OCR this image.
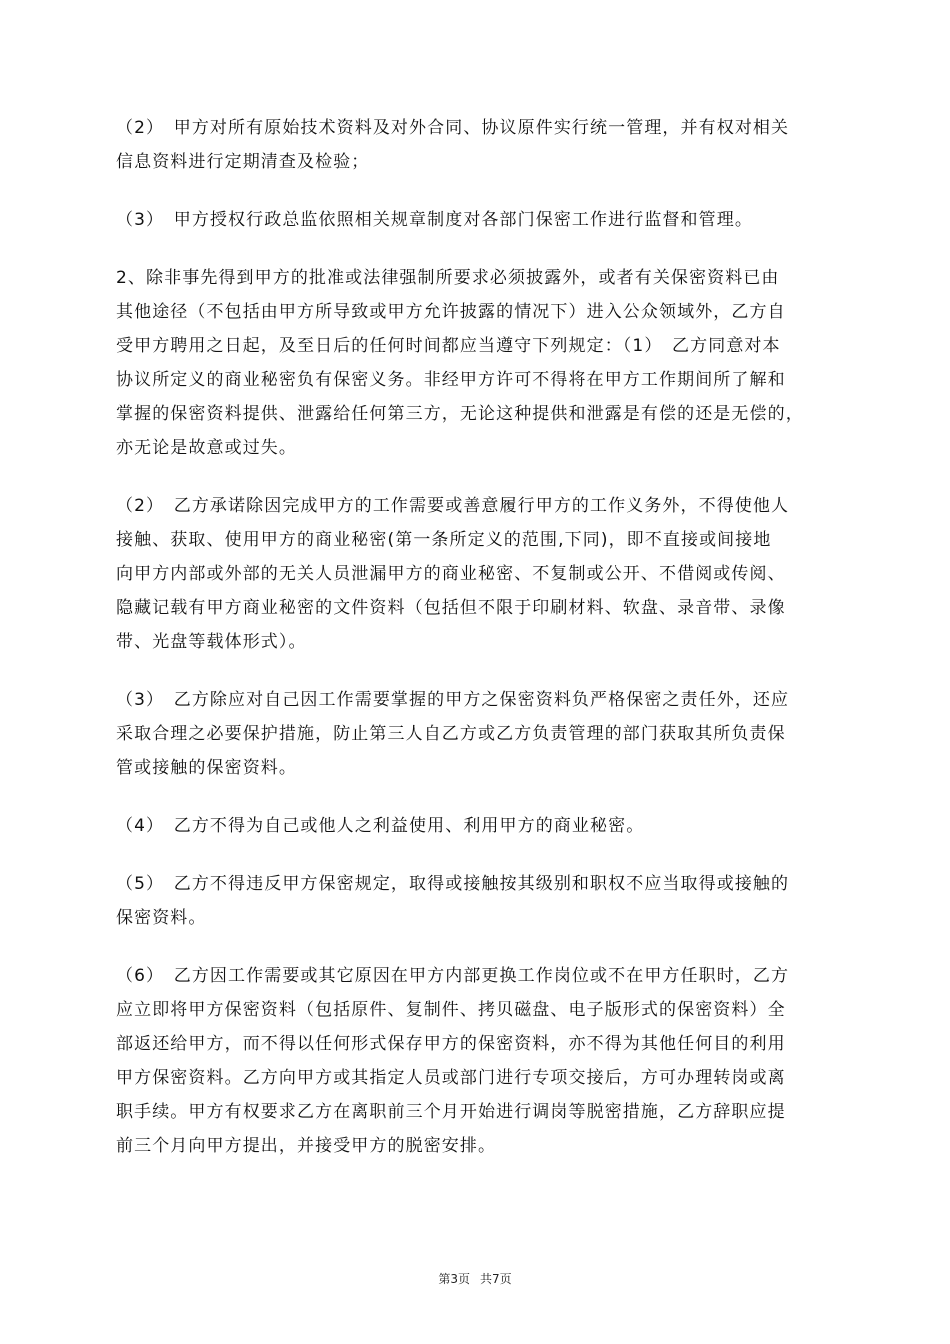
（2）　甲方对所有原始技术资料及对外合同、协议原件实行统一管理，并有权对相关
信息资料进行定期清查及检验；
（3）　甲方授权行政总监依照相关规章制度对各部门保密工作进行监督和管理。
2、除非事先得到甲方的批准或法律强制所要求必须披露外，或者有关保密资料已由
其他途径（不包括由甲方所导致或甲方允许披露的情况下）进入公众领域外，乙方自
受甲方聘用之日起，及至日后的任何时间都应当遵守下列规定：（1）　乙方同意对本
协议所定义的商业秘密负有保密义务。非经甲方许可不得将在甲方工作期间所了解和
掌握的保密资料提供、泄露给任何第三方，无论这种提供和泄露是有偿的还是无偿的，
亦无论是故意或过失。
（2）　乙方承诺除因完成甲方的工作需要或善意履行甲方的工作义务外，不得使他人
接触、获取、使用甲方的商业秘密(第一条所定义的范围,下同)，即不直接或间接地
向甲方内部或外部的无关人员泄漏甲方的商业秘密、不复制或公开、不借阅或传阅、
隐藏记载有甲方商业秘密的文件资料（包括但不限于印刷材料、软盘、录音带、录像
带、光盘等载体形式）。
（3）　乙方除应对自己因工作需要掌握的甲方之保密资料负严格保密之责任外，还应
采取合理之必要保护措施，防止第三人自乙方或乙方负责管理的部门获取其所负责保
管或接触的保密资料。
（4）　乙方不得为自己或他人之利益使用、利用甲方的商业秘密。
（5）　乙方不得违反甲方保密规定，取得或接触按其级别和职权不应当取得或接触的
保密资料。
（6）　乙方因工作需要或其它原因在甲方内部更换工作岗位或不在甲方任职时，乙方
应立即将甲方保密资料（包括原件、复制件、拷贝磁盘、电子版形式的保密资料）全
部返还给甲方，而不得以任何形式保存甲方的保密资料，亦不得为其他任何目的利用
甲方保密资料。乙方向甲方或其指定人员或部门进行专项交接后，方可办理转岗或离
职手续。甲方有权要求乙方在离职前三个月开始进行调岗等脱密措施，乙方辞职应提
前三个月向甲方提出，并接受甲方的脱密安排。
第3页 共7页
